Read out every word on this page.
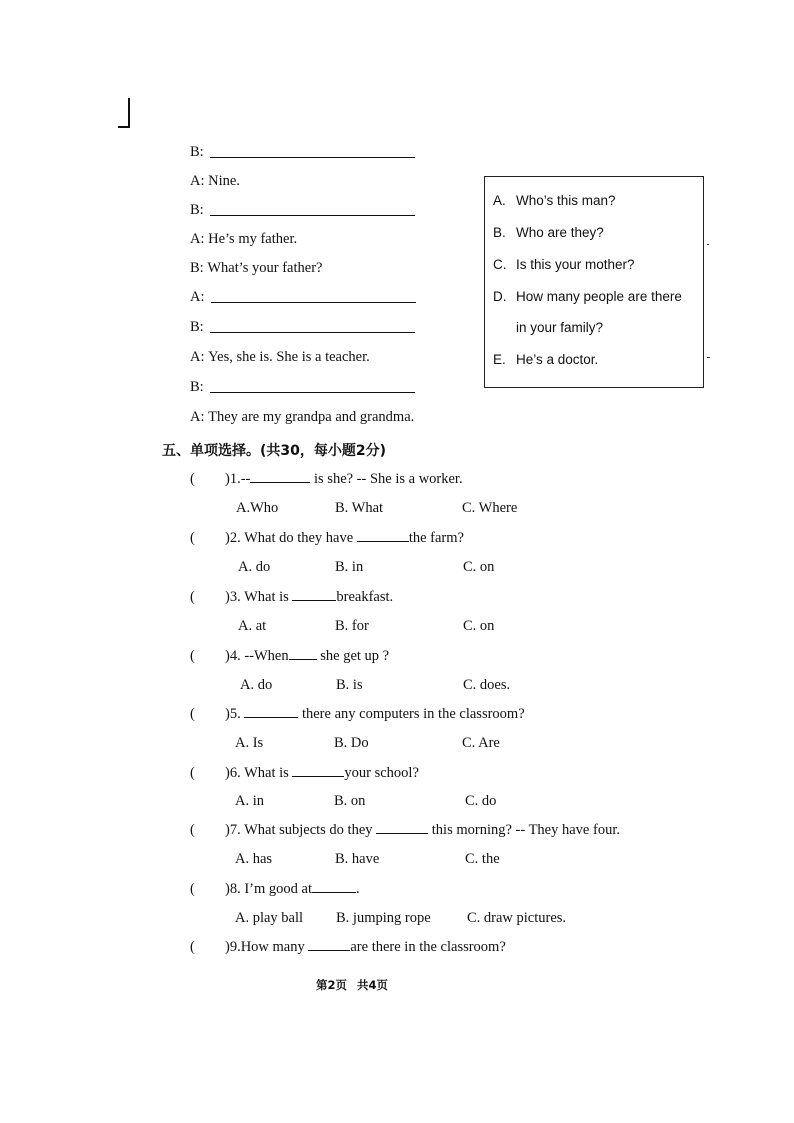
B:
A:
Nine.
B:
A:
He’s my father.
B:
What’s your father?
A:
B:
A:
Yes, she is. She is a teacher.
B:
A:
They are my grandpa and grandma.
A. Who’s this man?
B. Who are they?
C. Is this your mother?
D. How many people are there
in your family?
E. He’s a doctor.
五、单项选择。(共30，每小题2分)
( )1.--	is she? -- She is a worker.
A.Who	B. What	C. Where
( )2. What do they have	the farm?
A. do	B. in	C. on
( )3. What is	breakfast.
A. at	B. for	C. on
( )4. --When she get up ?
A. do	B. is	C. does.
( )5.	there any computers in the classroom?
A. Is	B. Do	C. Are
( )6. What is	your school?
A. in	B. on	C. do
( )7. What subjects do they	this morning? -- They have four.
A. has	B. have	C. the
( )8. I’m good at	.
A. play ball B. jumping rope	C. draw pictures.
( )9.How many	are there in the classroom?
第2页 共4页
